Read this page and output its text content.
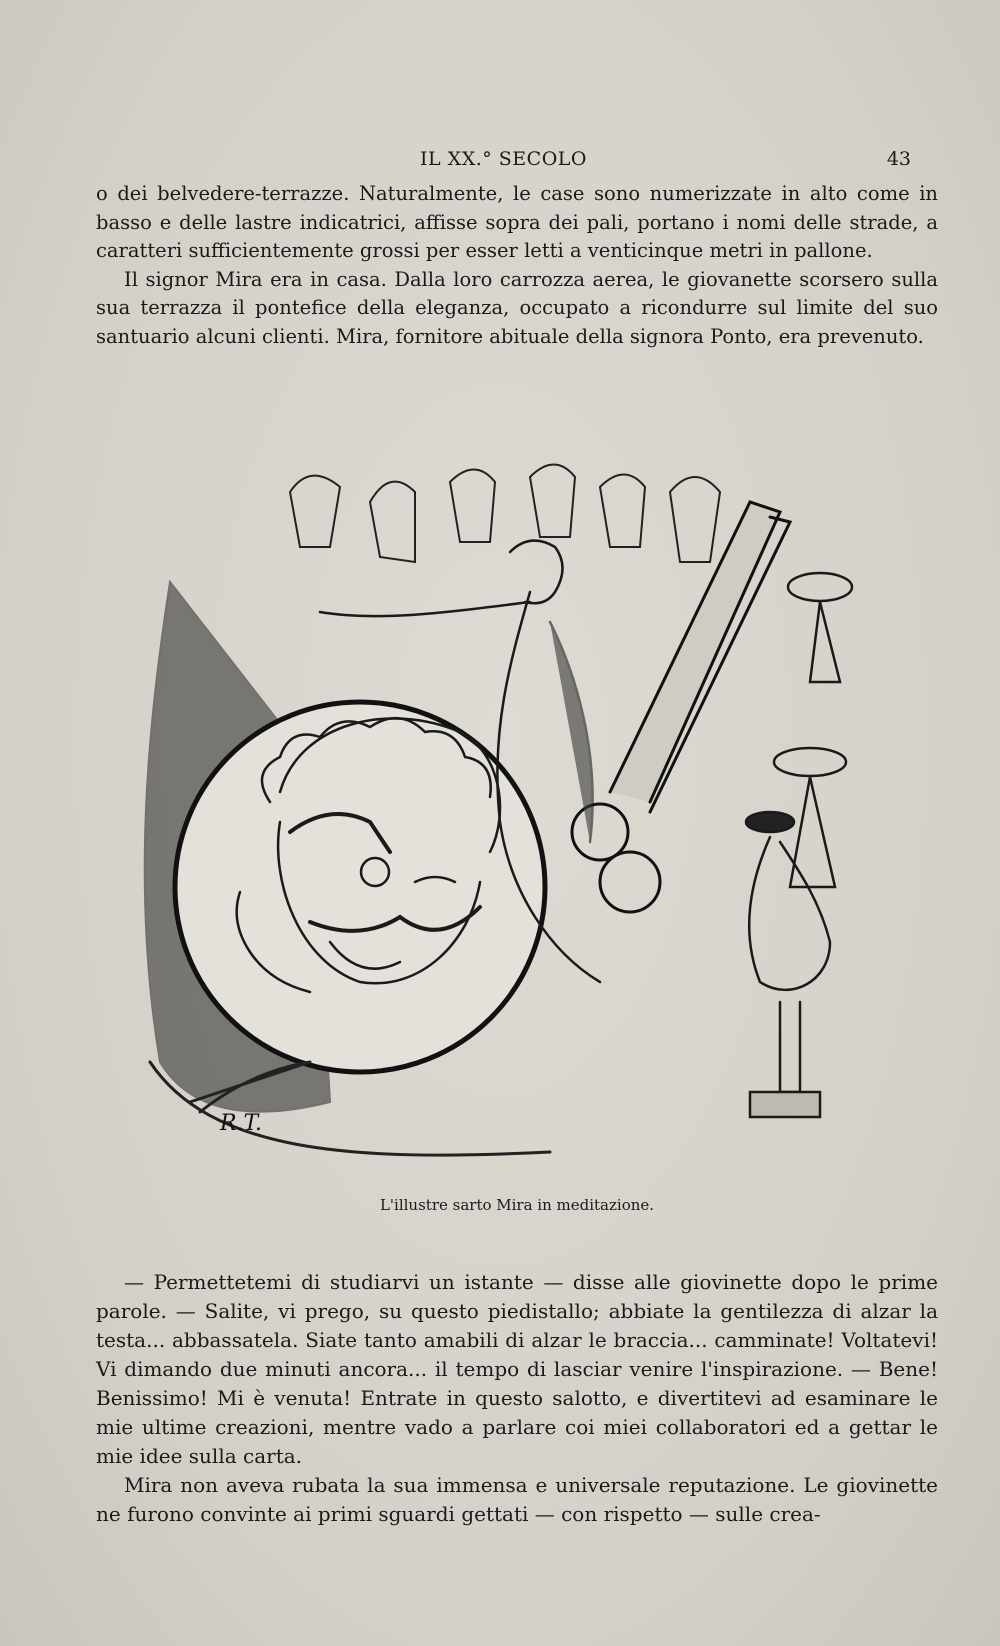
IL XX.° SECOLO	43

o dei belvedere-terrazze. Naturalmente, le case sono numerizzate in alto come in basso e delle lastre indicatrici, affisse sopra dei pali, portano i nomi delle strade, a caratteri sufficientemente grossi per esser letti a venticinque metri in pallone.

Il signor Mira era in casa. Dalla loro carrozza aerea, le giovanette scorsero sulla sua terrazza il pontefice della eleganza, occupato a ricondurre sul limite del suo santuario alcuni clienti. Mira, fornitore abituale della signora Ponto, era prevenuto.

R.T.
L'illustre sarto Mira in meditazione.

— Permettetemi di studiarvi un istante — disse alle giovinette dopo le prime parole. — Salite, vi prego, su questo piedistallo; abbiate la gentilezza di alzar la testa... abbassatela. Siate tanto amabili di alzar le braccia... camminate! Voltatevi! Vi dimando due minuti ancora... il tempo di lasciar venire l'inspirazione. — Bene! Benissimo! Mi è venuta! Entrate in questo salotto, e divertitevi ad esaminare le mie ultime creazioni, mentre vado a parlare coi miei collaboratori ed a gettar le mie idee sulla carta.

Mira non aveva rubata la sua immensa e universale reputazione. Le giovinette ne furono convinte ai primi sguardi gettati — con rispetto — sulle crea-
